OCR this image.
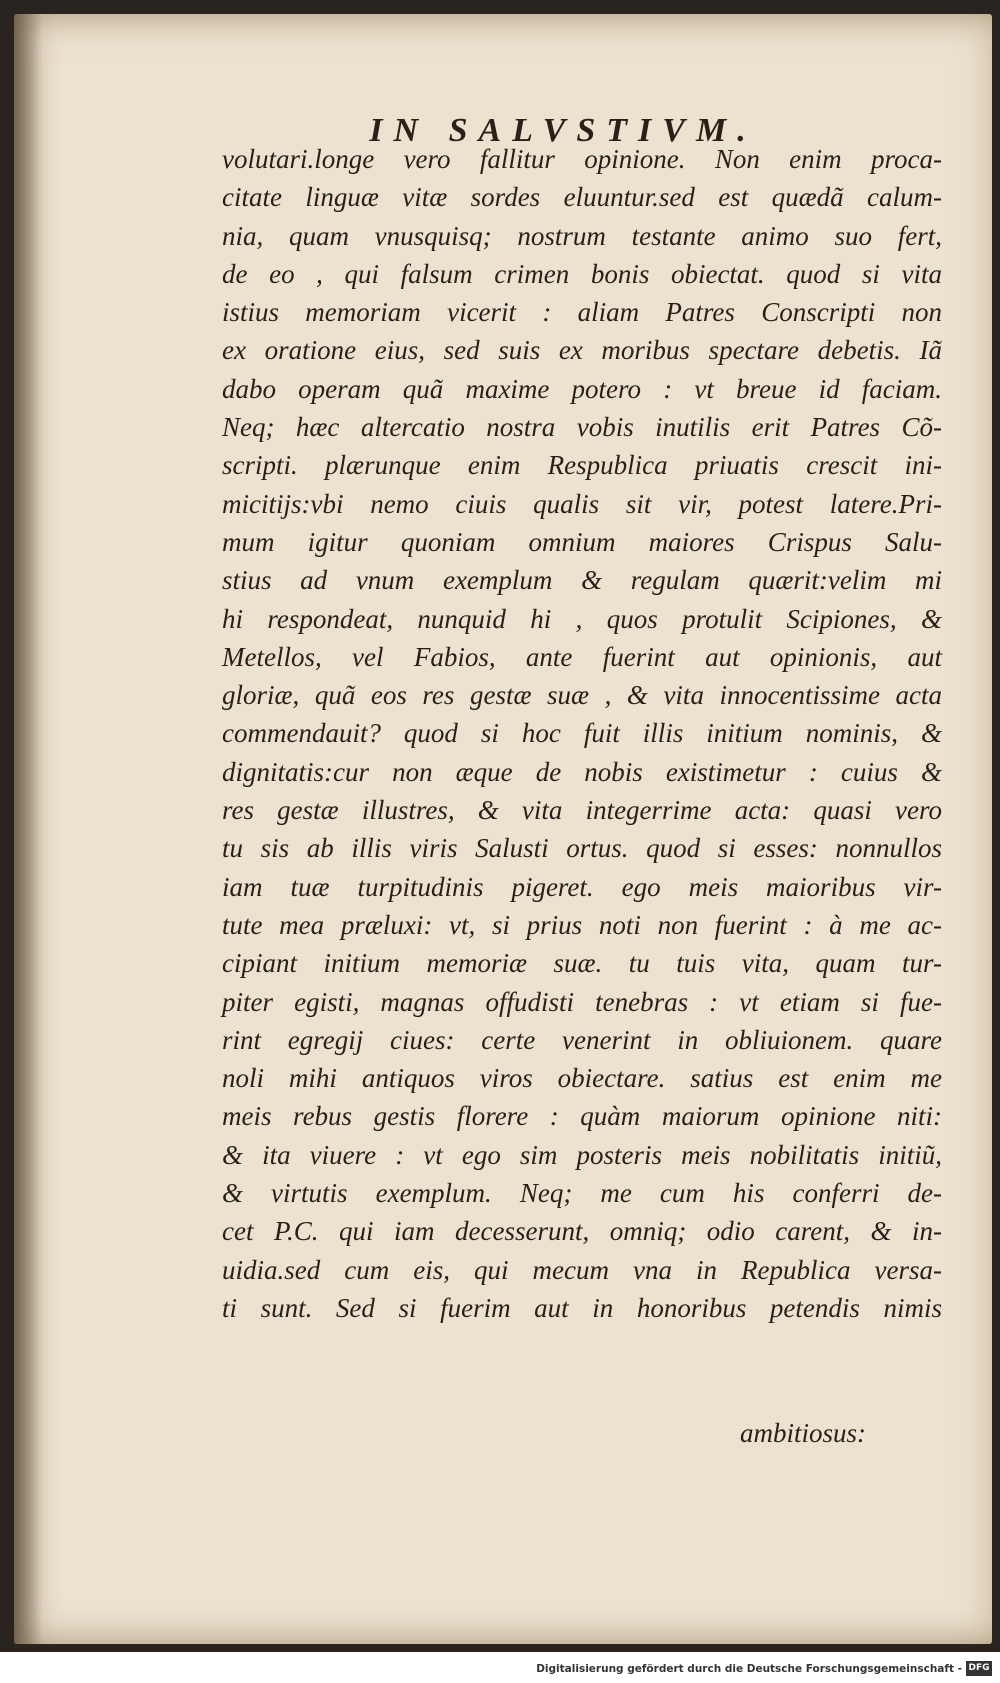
IN SALVSTIVM.
volutari.longe vero fallitur opinione. Non enim proca-
citate linguæ vitæ sordes eluuntur.sed est quædã calum-
nia, quam vnusquisq; nostrum testante animo suo fert,
de eo , qui falsum crimen bonis obiectat. quod si vita
istius memoriam vicerit : aliam Patres Conscripti non
ex oratione eius, sed suis ex moribus spectare debetis. Iã
dabo operam quã maxime potero : vt breue id faciam.
Neq; hæc altercatio nostra vobis inutilis erit Patres Cõ-
scripti. plærunque enim Respublica priuatis crescit ini-
micitijs:vbi nemo ciuis qualis sit vir, potest latere.Pri-
mum igitur quoniam omnium maiores Crispus Salu-
stius ad vnum exemplum & regulam quærit:velim mi
hi respondeat, nunquid hi , quos protulit Scipiones, &
Metellos, vel Fabios, ante fuerint aut opinionis, aut
gloriæ, quã eos res gestæ suæ , & vita innocentissime acta
commendauit? quod si hoc fuit illis initium nominis, &
dignitatis:cur non æque de nobis existimetur : cuius &
res gestæ illustres, & vita integerrime acta: quasi vero
tu sis ab illis viris Salusti ortus. quod si esses: nonnullos
iam tuæ turpitudinis pigeret. ego meis maioribus vir-
tute mea præluxi: vt, si prius noti non fuerint : à me ac-
cipiant initium memoriæ suæ. tu tuis vita, quam tur-
piter egisti, magnas offudisti tenebras : vt etiam si fue-
rint egregij ciues: certe venerint in obliuionem. quare
noli mihi antiquos viros obiectare. satius est enim me
meis rebus gestis florere : quàm maiorum opinione niti:
& ita viuere : vt ego sim posteris meis nobilitatis initiũ,
& virtutis exemplum. Neq; me cum his conferri de-
cet P.C. qui iam decesserunt, omniq; odio carent, & in-
uidia.sed cum eis, qui mecum vna in Republica versa-
ti sunt. Sed si fuerim aut in honoribus petendis nimis
ambitiosus:
Digitalisierung gefördert durch die Deutsche Forschungsgemeinschaft - DFG
